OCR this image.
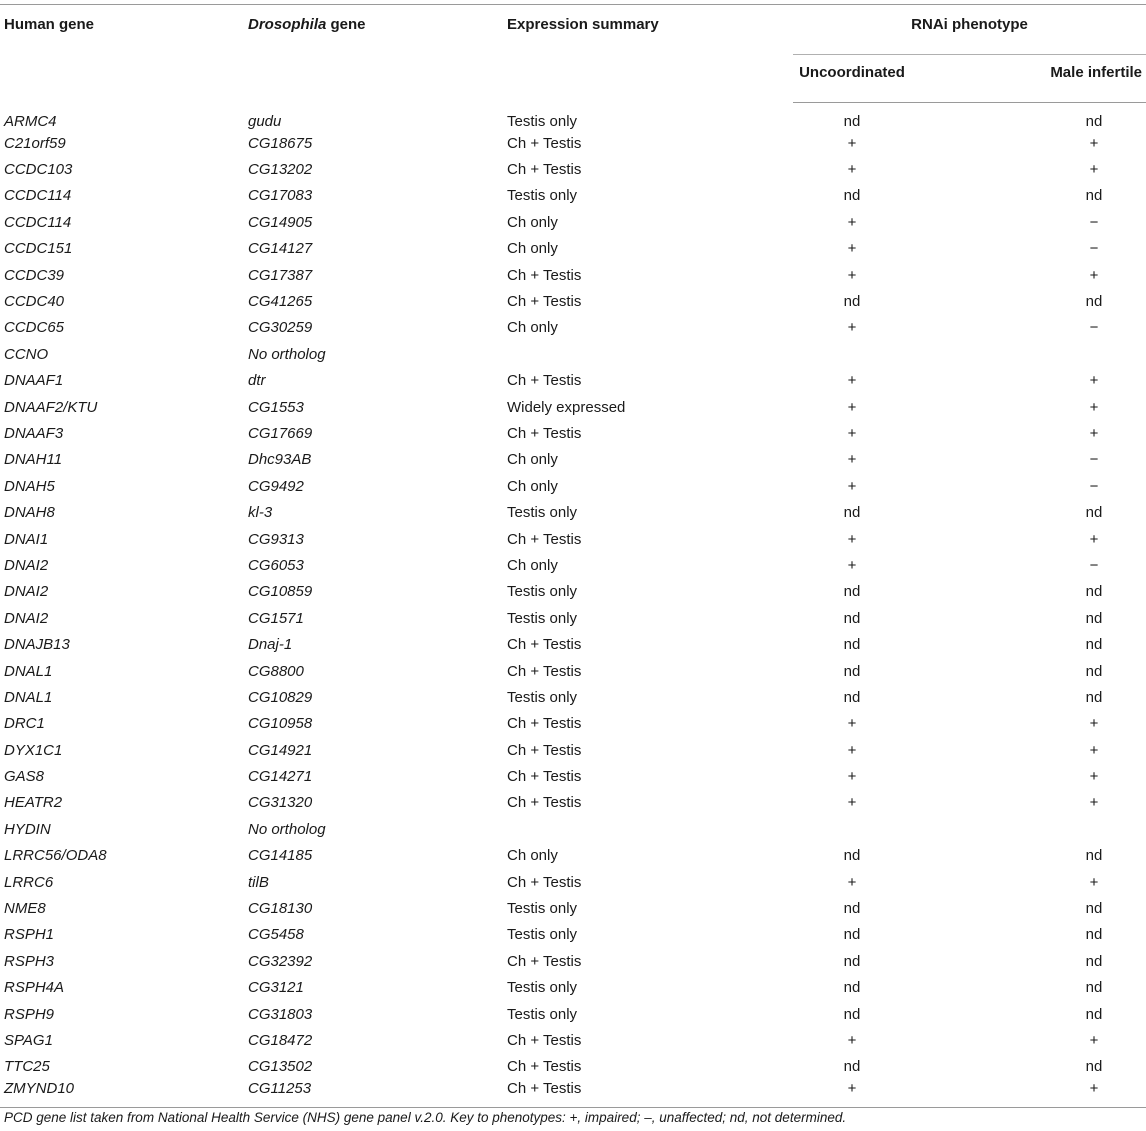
Human gene	Drosophila gene	Expression summary	RNAi phenotype	
			Uncoordinated	Male infertile
ARMC4	gudu	Testis only	nd	nd
C21orf59	CG18675	Ch + Testis	+	+
CCDC103	CG13202	Ch + Testis	+	+
CCDC114	CG17083	Testis only	nd	nd
CCDC114	CG14905	Ch only	+	−
CCDC151	CG14127	Ch only	+	−
CCDC39	CG17387	Ch + Testis	+	+
CCDC40	CG41265	Ch + Testis	nd	nd
CCDC65	CG30259	Ch only	+	−
CCNO	No ortholog			
DNAAF1	dtr	Ch + Testis	+	+
DNAAF2/KTU	CG1553	Widely expressed	+	+
DNAAF3	CG17669	Ch + Testis	+	+
DNAH11	Dhc93AB	Ch only	+	−
DNAH5	CG9492	Ch only	+	−
DNAH8	kl-3	Testis only	nd	nd
DNAI1	CG9313	Ch + Testis	+	+
DNAI2	CG6053	Ch only	+	−
DNAI2	CG10859	Testis only	nd	nd
DNAI2	CG1571	Testis only	nd	nd
DNAJB13	Dnaj-1	Ch + Testis	nd	nd
DNAL1	CG8800	Ch + Testis	nd	nd
DNAL1	CG10829	Testis only	nd	nd
DRC1	CG10958	Ch + Testis	+	+
DYX1C1	CG14921	Ch + Testis	+	+
GAS8	CG14271	Ch + Testis	+	+
HEATR2	CG31320	Ch + Testis	+	+
HYDIN	No ortholog			
LRRC56/ODA8	CG14185	Ch only	nd	nd
LRRC6	tilB	Ch + Testis	+	+
NME8	CG18130	Testis only	nd	nd
RSPH1	CG5458	Testis only	nd	nd
RSPH3	CG32392	Ch + Testis	nd	nd
RSPH4A	CG3121	Testis only	nd	nd
RSPH9	CG31803	Testis only	nd	nd
SPAG1	CG18472	Ch + Testis	+	+
TTC25	CG13502	Ch + Testis	nd	nd
ZMYND10	CG11253	Ch + Testis	+	+
PCD gene list taken from National Health Service (NHS) gene panel v.2.0. Key to phenotypes: +, impaired; –, unaffected; nd, not determined.
